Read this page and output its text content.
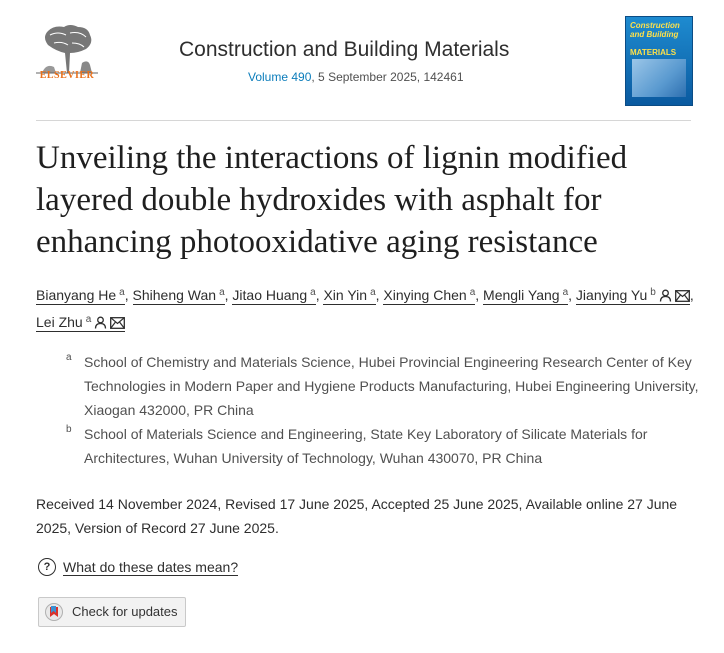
ELSEVIER
Construction and Building Materials
Volume 490, 5 September 2025, 142461
Construction and Building
MATERIALS
Unveiling the interactions of lignin modified layered double hydroxides with asphalt for enhancing photooxidative aging resistance
Bianyang He $^a$, Shiheng Wan $^a$, Jitao Huang $^a$, Xin Yin $^a$, Xinying Chen $^a$, Mengli Yang $^a$, Jianying Yu $^b$ , Lei Zhu $^a$
a School of Chemistry and Materials Science, Hubei Provincial Engineering Research Center of Key Technologies in Modern Paper and Hygiene Products Manufacturing, Hubei Engineering University, Xiaogan 432000, PR China
b School of Materials Science and Engineering, State Key Laboratory of Silicate Materials for Architectures, Wuhan University of Technology, Wuhan 430070, PR China
Received 14 November 2024, Revised 17 June 2025, Accepted 25 June 2025, Available online 27 June 2025, Version of Record 27 June 2025.
? What do these dates mean?
Check for updates
